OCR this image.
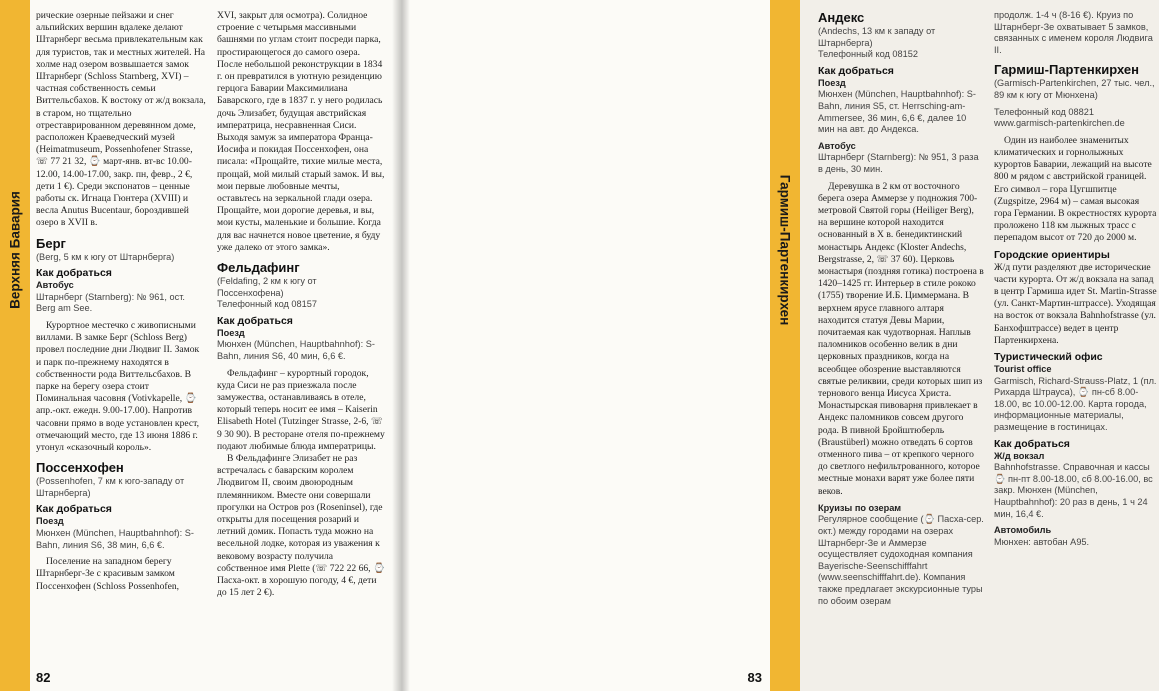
Верхняя Бавария

рические озерные пейзажи и снег альпийских вершин вдалеке делают Штарнберг весьма привлекательным как для туристов, так и местных жителей. На холме над озером возвышается замок Штарнберг (Schloss Starnberg, XVI) – частная собственность семьи Виттельсбахов. К востоку от ж/д вокзала, в старом, но тщательно отреставрированном деревянном доме, расположен Краеведческий музей (Heimatmuseum, Possenhofener Strasse, ☏ 77 21 32, ⌚ март-янв. вт-вс 10.00-12.00, 14.00-17.00, закр. пн, февр., 2 €, дети 1 €). Среди экспонатов – ценные работы ск. Игнаца Гюнтера (XVIII) и весла Anutus Bucentaur, бороздившей озеро в XVII в.

Берг

(Berg, 5 км к югу от Штарнберга)

Как добраться

Автобус

Штарнберг (Starnberg): № 961, ост. Berg am See.

Курортное местечко с живописными виллами. В замке Берг (Schloss Berg) провел последние дни Людвиг II. Замок и парк по-прежнему находятся в собственности рода Виттельсбахов. В парке на берегу озера стоит Поминальная часовня (Votivkapelle, ⌚ апр.-окт. ежедн. 9.00-17.00). Напротив часовни прямо в воде установлен крест, отмечающий место, где 13 июня 1886 г. утонул «сказочный король».

Поссенхофен

(Possenhofen, 7 км к юго-западу от Штарнберга)

Как добраться

Поезд

Мюнхен (München, Hauptbahnhof): S-Bahn, линия S6, 38 мин, 6,6 €.

Поселение на западном берегу Штарнберг-Зе с красивым замком Поссенхофен (Schloss Possenhofen,

XVI, закрыт для осмотра). Солидное строение с четырьмя массивными башнями по углам стоит посреди парка, простирающегося до самого озера. После небольшой реконструкции в 1834 г. он превратился в уютную резиденцию герцога Баварии Максимилиана Баварского, где в 1837 г. у него родилась дочь Элизабет, будущая австрийская императрица, несравненная Сиси. Выходя замуж за императора Франца-Иосифа и покидая Поссенхофен, она писала: «Прощайте, тихие милые места, прощай, мой милый старый замок. И вы, мои первые любовные мечты, оставьтесь на зеркальной глади озера. Прощайте, мои дорогие деревья, и вы, мои кусты, маленькие и большие. Когда для вас начнется новое цветение, я буду уже далеко от этого замка».

Фельдафинг

(Feldafing, 2 км к югу от Поссенхофена)

Телефонный код 08157

Как добраться

Поезд

Мюнхен (München, Hauptbahnhof): S-Bahn, линия S6, 40 мин, 6,6 €.

Фельдафинг – курортный городок, куда Сиси не раз приезжала после замужества, останавливаясь в отеле, который теперь носит ее имя – Kaiserin Elisabeth Hotel (Tutzinger Strasse, 2-6, ☏ 9 30 90). В ресторане отеля по-прежнему подают любимые блюда императрицы.

В Фельдафинге Элизабет не раз встречалась с баварским королем Людвигом II, своим двоюродным племянником. Вместе они совершали прогулки на Остров роз (Roseninsel), где открыты для посещения розарий и летний домик. Попасть туда можно на весельной лодке, которая из уважения к вековому возрасту получила собственное имя Plette (☏ 722 22 66, ⌚ Пасха-окт. в хорошую погоду, 4 €, дети до 15 лет 2 €).

82
Гармиш-Партенкирхен
Андекс

(Andechs, 13 км к западу от Штарнберга)

Телефонный код 08152

Как добраться

Поезд

Мюнхен (München, Hauptbahnhof): S-Bahn, линия S5, ст. Herrsching-am-Ammersee, 36 мин, 6,6 €, далее 10 мин на авт. до Андекса.

Автобус

Штарнберг (Starnberg): № 951, 3 раза в день, 30 мин.

Деревушка в 2 км от восточного берега озера Аммерзе у подножия 700-метровой Святой горы (Heiliger Berg), на вершине которой находится основанный в X в. бенедиктинский монастырь Андекс (Kloster Andechs, Bergstrasse, 2, ☏ 37 60). Церковь монастыря (поздняя готика) построена в 1420–1425 гг. Интерьер в стиле рококо (1755) творение И.Б. Циммермана. В верхнем ярусе главного алтаря находится статуя Девы Марии, почитаемая как чудотворная. Наплыв паломников особенно велик в дни церковных праздников, когда на всеобщее обозрение выставляются святые реликвии, среди которых шип из тернового венца Иисуса Христа. Монастырская пивоварня привлекает в Андекс паломников совсем другого рода. В пивной Бройштюберль (Braustüberl) можно отведать 6 сортов отменного пива – от крепкого черного до светлого нефильтрованного, которое местные монахи варят уже более пяти веков.

Круизы по озерам

Регулярное сообщение (⌚ Пасха-сер. окт.) между городами на озерах Штарнберг-Зе и Аммерзе осуществляет судоходная компания Bayerische-Seenschifffahrt (www.seenschifffahrt.de). Компания также предлагает экскурсионные туры по обоим озерам

продолж. 1-4 ч (8-16 €). Круиз по Штарнберг-Зе охватывает 5 замков, связанных с именем короля Людвига II.

Гармиш-Партенкирхен

(Garmisch-Partenkirchen, 27 тыс. чел., 89 км к югу от Мюнхена)

Телефонный код 08821

www.garmisch-partenkirchen.de

Один из наиболее знаменитых климатических и горнолыжных курортов Баварии, лежащий на высоте 800 м рядом с австрийской границей. Его символ – гора Цугшпитце (Zugspitze, 2964 м) – самая высокая гора Германии. В окрестностях курорта проложено 118 км лыжных трасс с перепадом высот от 720 до 2000 м.

Городские ориентиры

Ж/д пути разделяют две исторические части курорта. От ж/д вокзала на запад в центр Гармиша идет St. Martin-Strasse (ул. Санкт-Мартин-штрассе). Уходящая на восток от вокзала Bahnhofstrasse (ул. Банхофштрассе) ведет в центр Партенкирхена.

Туристический офис

Tourist office

Garmisch, Richard-Strauss-Platz, 1 (пл. Рихарда Штрауса), ⌚ пн-сб 8.00-18.00, вс 10.00-12.00. Карта города, информационные материалы, размещение в гостиницах.

Как добраться

Ж/д вокзал

Bahnhofstrasse. Справочная и кассы ⌚ пн-пт 8.00-18.00, сб 8.00-16.00, вс закр. Мюнхен (München, Hauptbahnhof): 20 раз в день, 1 ч 24 мин, 16,4 €.

Автомобиль

Мюнхен: автобан A95.

83
